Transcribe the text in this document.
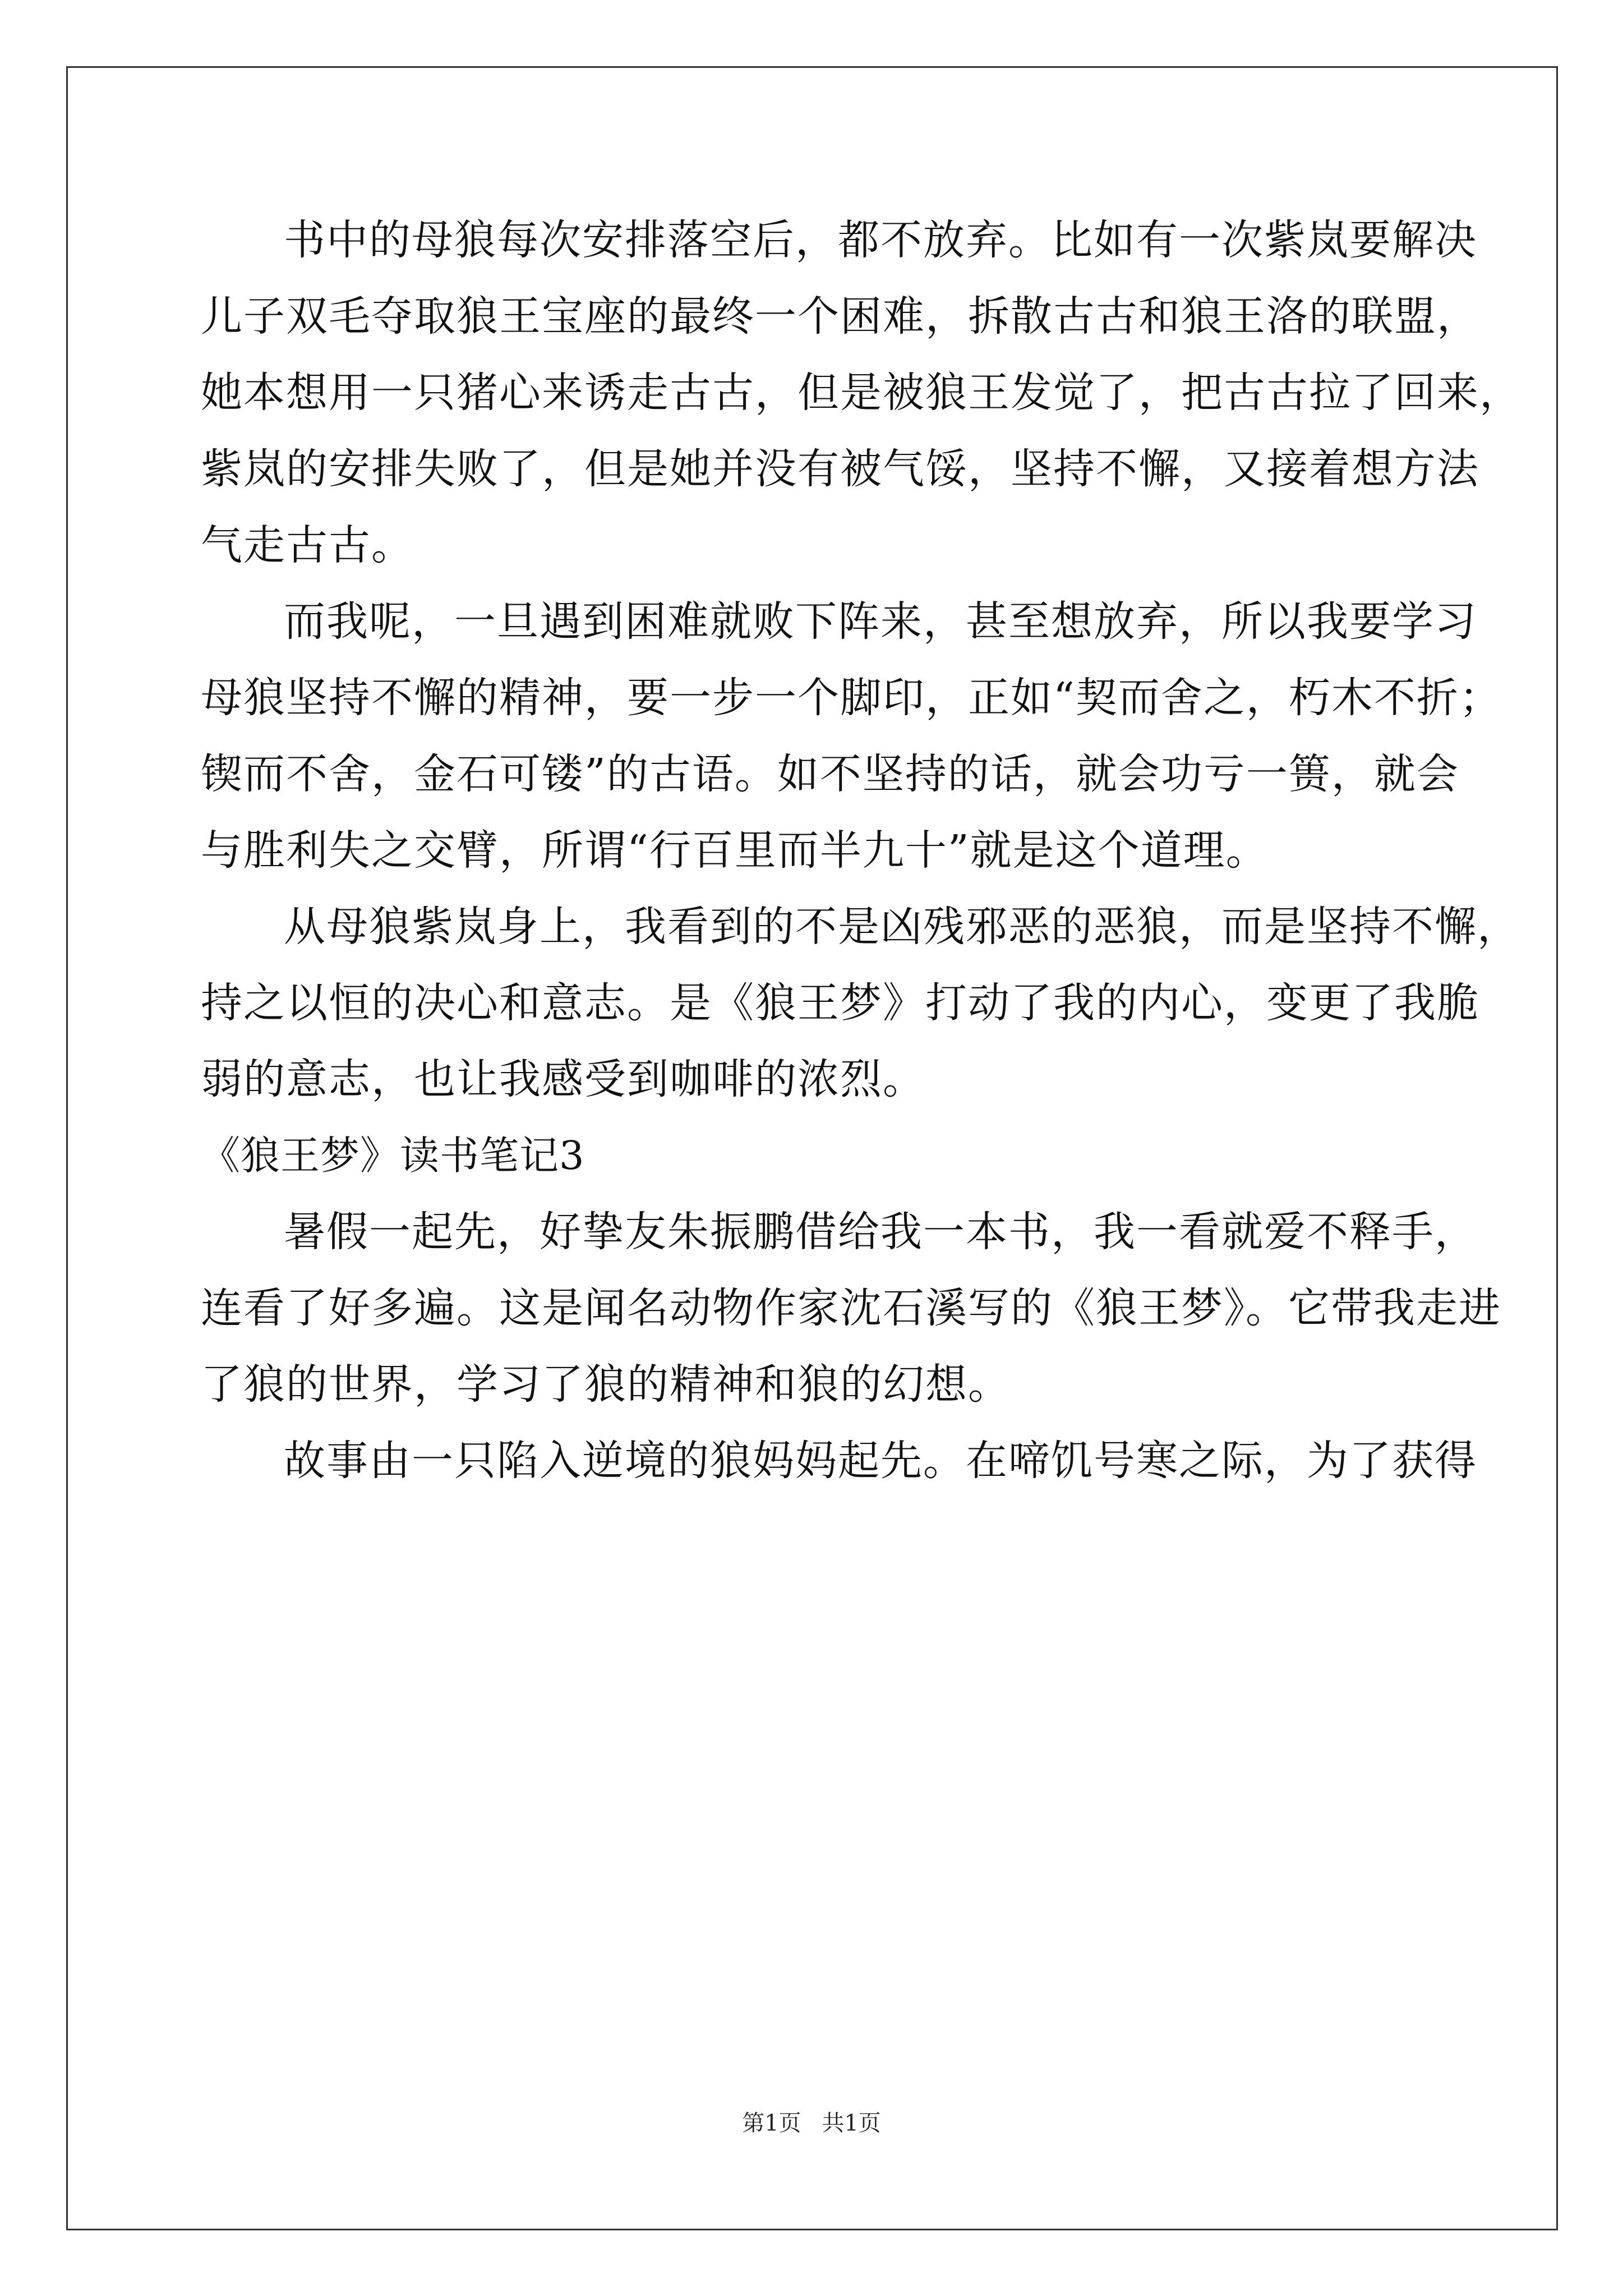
书中的母狼每次安排落空后，都不放弃。比如有一次紫岚要解决
儿子双毛夺取狼王宝座的最终一个困难，拆散古古和狼王洛的联盟，
她本想用一只猪心来诱走古古，但是被狼王发觉了，把古古拉了回来，
紫岚的安排失败了，但是她并没有被气馁，坚持不懈，又接着想方法
气走古古。
而我呢，一旦遇到困难就败下阵来，甚至想放弃，所以我要学习
母狼坚持不懈的精神，要一步一个脚印，正如“契而舍之，朽木不折；
锲而不舍，金石可镂”的古语。如不坚持的话，就会功亏一篑，就会
与胜利失之交臂，所谓“行百里而半九十”就是这个道理。
从母狼紫岚身上，我看到的不是凶残邪恶的恶狼，而是坚持不懈，
持之以恒的决心和意志。是《狼王梦》打动了我的内心，变更了我脆
弱的意志，也让我感受到咖啡的浓烈。
《狼王梦》读书笔记3
暑假一起先，好挚友朱振鹏借给我一本书，我一看就爱不释手，
连看了好多遍。这是闻名动物作家沈石溪写的《狼王梦》。它带我走进
了狼的世界，学习了狼的精神和狼的幻想。
故事由一只陷入逆境的狼妈妈起先。在啼饥号寒之际，为了获得
第1页 共1页
